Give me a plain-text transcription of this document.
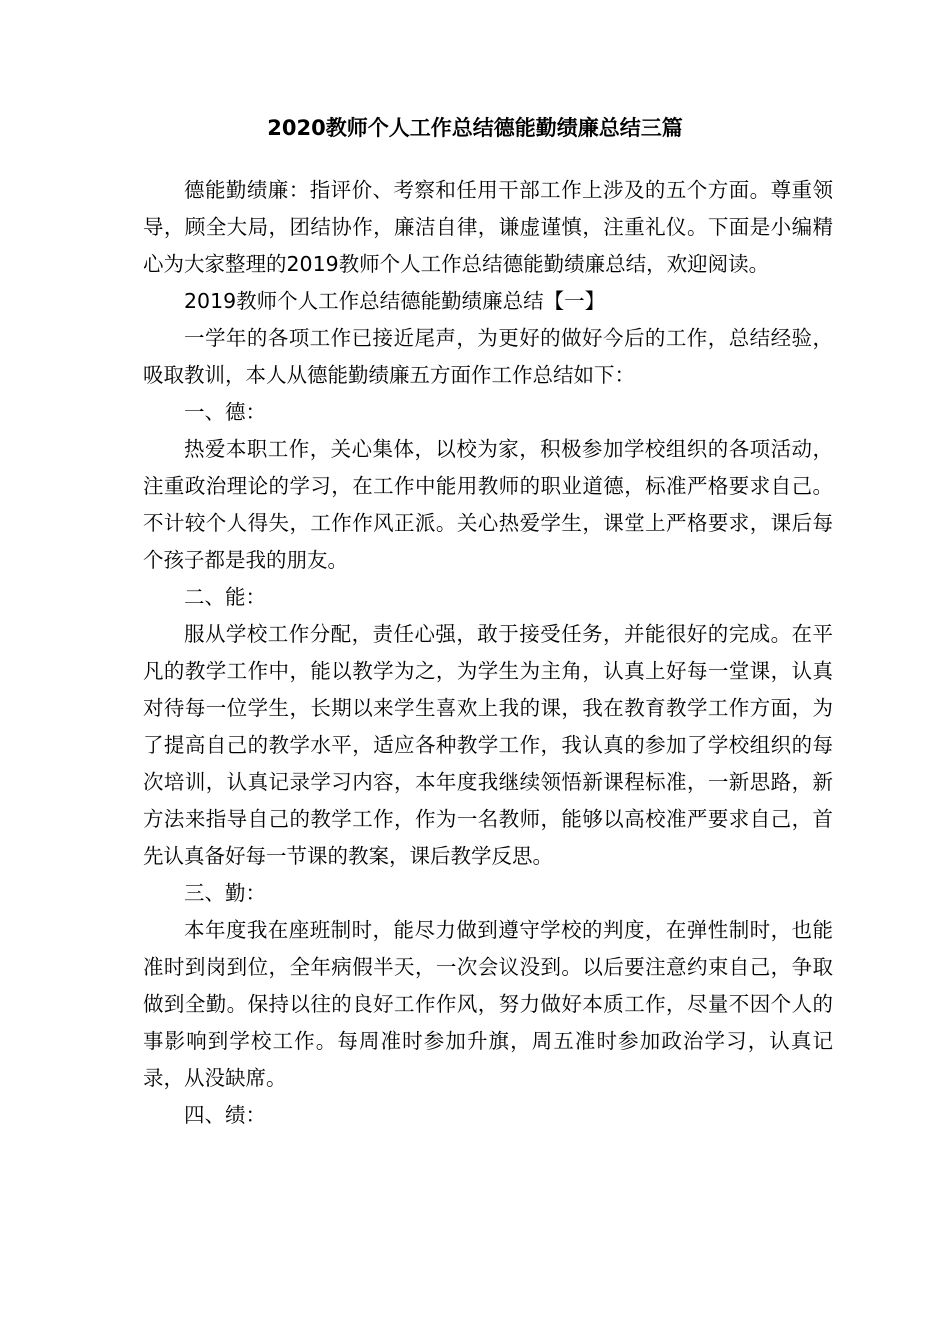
2020教师个人工作总结德能勤绩廉总结三篇

德能勤绩廉：指评价、考察和任用干部工作上涉及的五个方面。尊重领导，顾全大局，团结协作，廉洁自律，谦虚谨慎，注重礼仪。下面是小编精心为大家整理的2019教师个人工作总结德能勤绩廉总结，欢迎阅读。

2019教师个人工作总结德能勤绩廉总结【一】

一学年的各项工作已接近尾声，为更好的做好今后的工作，总结经验，吸取教训，本人从德能勤绩廉五方面作工作总结如下：

一、德：

热爱本职工作，关心集体，以校为家，积极参加学校组织的各项活动，注重政治理论的学习，在工作中能用教师的职业道德，标准严格要求自己。不计较个人得失，工作作风正派。关心热爱学生，课堂上严格要求，课后每个孩子都是我的朋友。

二、能：

服从学校工作分配，责任心强，敢于接受任务，并能很好的完成。在平凡的教学工作中，能以教学为之，为学生为主角，认真上好每一堂课，认真对待每一位学生，长期以来学生喜欢上我的课，我在教育教学工作方面，为了提高自己的教学水平，适应各种教学工作，我认真的参加了学校组织的每次培训，认真记录学习内容，本年度我继续领悟新课程标准，一新思路，新方法来指导自己的教学工作，作为一名教师，能够以高校准严要求自己，首先认真备好每一节课的教案，课后教学反思。

三、勤：

本年度我在座班制时，能尽力做到遵守学校的判度，在弹性制时，也能准时到岗到位，全年病假半天，一次会议没到。以后要注意约束自己，争取做到全勤。保持以往的良好工作作风，努力做好本质工作，尽量不因个人的事影响到学校工作。每周准时参加升旗，周五准时参加政治学习，认真记录，从没缺席。

四、绩：
